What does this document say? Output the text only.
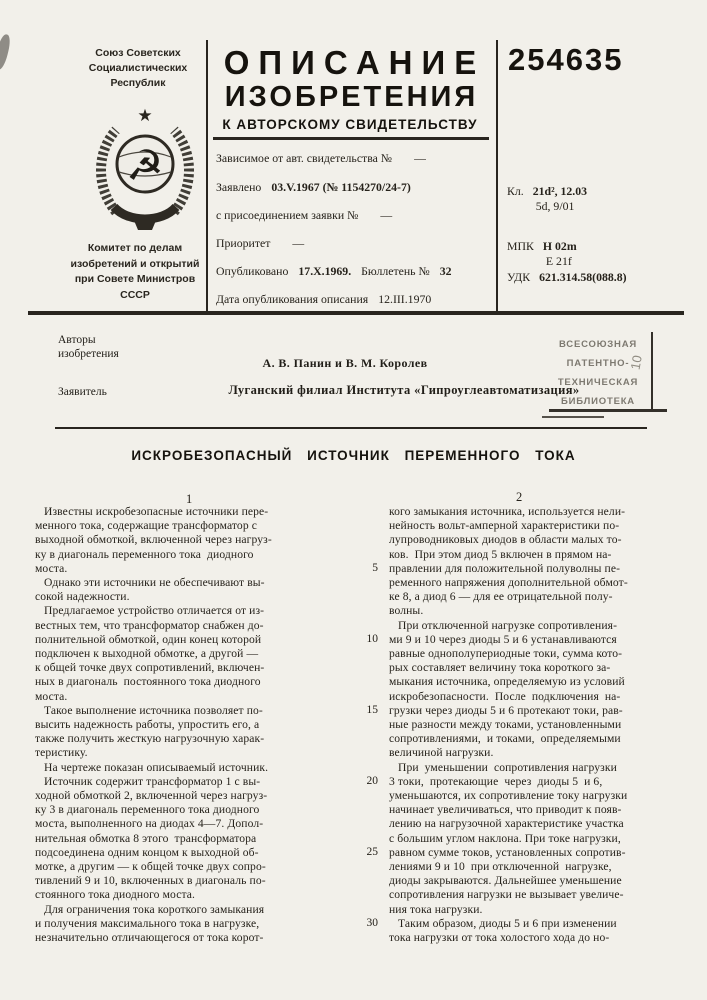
Союз Советских
Социалистических
Республик
★
☭
Комитет по делам
изобретений и открытий
при Совете Министров
СССР
ОПИСАНИЕ
ИЗОБРЕТЕНИЯ
К АВТОРСКОМУ СВИДЕТЕЛЬСТВУ
254635
Зависимое от авт. свидетельства № —
Заявлено 03.V.1967 (№ 1154270/24-7)
с присоединением заявки № —
Приоритет —
Опубликовано 17.X.1969. Бюллетень № 32
Дата опубликования описания 12.III.1970
Кл. 21d², 12.03
5d, 9/01
МПК H 02m
E 21f
УДК 621.314.58(088.8)
Авторы
изобретения
А. В. Панин и В. М. Королев
Заявитель	Луганский филиал Института «Гипроуглеавтоматизация»
ВСЕСОЮЗНАЯ
ПАТЕНТНО-
ТЕХНИЧЕСКАЯ
БИБЛИОТЕКА
10
ИСКРОБЕЗОПАСНЫЙ ИСТОЧНИК ПЕРЕМЕННОГО ТОКА
1	2
Известны искробезопасные источники пере-
менного тока, содержащие трансформатор с
выходной обмоткой, включенной через нагруз-
ку в диагональ переменного тока  диодного
моста.
Однако эти источники не обеспечивают вы-
сокой надежности.
Предлагаемое устройство отличается от из-
вестных тем, что трансформатор снабжен до-
полнительной обмоткой, один конец которой
подключен к выходной обмотке, а другой —
к общей точке двух сопротивлений, включен-
ных в диагональ  постоянного тока диодного
моста.
Такое выполнение источника позволяет по-
высить надежность работы, упростить его, а
также получить жесткую нагрузочную харак-
теристику.
На чертеже показан описываемый источник.
Источник содержит трансформатор 1 с вы-
ходной обмоткой 2, включенной через нагруз-
ку 3 в диагональ переменного тока диодного
моста, выполненного на диодах 4—7. Допол-
нительная обмотка 8 этого  трансформатора
подсоединена одним концом к выходной об-
мотке, а другим — к общей точке двух сопро-
тивлений 9 и 10, включенных в диагональ по-
стоянного тока диодного моста.
Для ограничения тока короткого замыкания
и получения максимального тока в нагрузке,
незначительно отличающегося от тока корот-
кого замыкания источника, используется нели-
нейность вольт-амперной характеристики по-
лупроводниковых диодов в области малых то-
ков.  При этом диод 5 включен в прямом на-
правлении для положительной полуволны пе-
ременного напряжения дополнительной обмот-
ке 8, а диод 6 — для ее отрицательной полу-
волны.
При отключенной нагрузке сопротивления-
ми 9 и 10 через диоды 5 и 6 устанавливаются
равные однополупериодные токи, сумма кото-
рых составляет величину тока короткого за-
мыкания источника, определяемую из условий
искробезопасности.  После  подключения  на-
грузки через диоды 5 и 6 протекают токи, рав-
ные разности между токами, установленными
сопротивлениями,  и токами,  определяемыми
величиной нагрузки.
При  уменьшении  сопротивления нагрузки
3 токи,  протекающие  через  диоды 5  и 6,
уменьшаются, их сопротивление току нагрузки
начинает увеличиваться, что приводит к появ-
лению на нагрузочной характеристике участка
с большим углом наклона. При токе нагрузки,
равном сумме токов, установленных сопротив-
лениями 9 и 10  при отключенной  нагрузке,
диоды закрываются. Дальнейшее уменьшение
сопротивления нагрузки не вызывает увеличе-
ния тока нагрузки.
Таким образом, диоды 5 и 6 при изменении
тока нагрузки от тока холостого хода до но-
5
10
15
20
25
30
